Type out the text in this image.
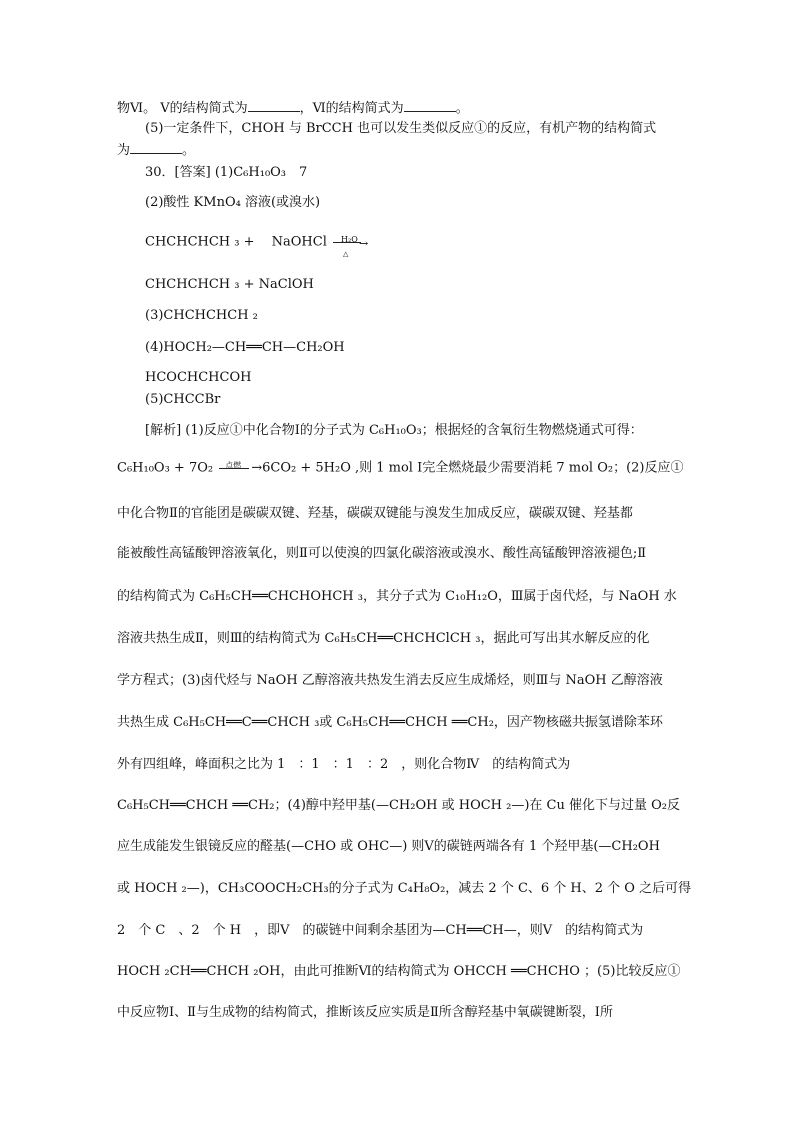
物Ⅵ。 Ⅴ的结构简式为	，Ⅵ的结构简式为	。
(5)一定条件下，CHOH 与 BrCCH 也可以发生类似反应①的反应，有机产物的结构简式
为	。
30．[答案] (1)C₆H₁₀O₃　7
(2)酸性 KMnO₄ 溶液(或溴水)
CHCHCHCH ₃ +　 NaOHCl H₂O →
△
CHCHCHCH ₃ + NaClOH
(3)CHCHCHCH ₂
(4)HOCH₂—CH══CH—CH₂OH
HCOCHCHCOH
(5)CHCCBr
[解析] (1)反应①中化合物Ⅰ的分子式为 C₆H₁₀O₃；根据烃的含氧衍生物燃烧通式可得：
C₆H₁₀O₃ + 7O₂ 点燃 →6CO₂ + 5H₂O ,则 1 mol Ⅰ完全燃烧最少需要消耗 7 mol O₂；(2)反应①
中化合物Ⅱ的官能团是碳碳双键、羟基，碳碳双键能与溴发生加成反应，碳碳双键、羟基都
能被酸性高锰酸钾溶液氧化，则Ⅱ可以使溴的四氯化碳溶液或溴水、酸性高锰酸钾溶液褪色;Ⅱ
的结构简式为 C₆H₅CH══CHCHOHCH ₃，其分子式为 C₁₀H₁₂O，Ⅲ属于卤代烃，与 NaOH 水
溶液共热生成Ⅱ，则Ⅲ的结构简式为 C₆H₅CH══CHCHClCH ₃，据此可写出其水解反应的化
学方程式；(3)卤代烃与 NaOH 乙醇溶液共热发生消去反应生成烯烃，则Ⅲ与 NaOH 乙醇溶液
共热生成 C₆H₅CH══C══CHCH ₃或 C₆H₅CH══CHCH ══CH₂，因产物核磁共振氢谱除苯环
外有四组峰，峰面积之比为 1　：1　：1　：2　，则化合物Ⅳ　的结构简式为
C₆H₅CH══CHCH ══CH₂；(4)醇中羟甲基(—CH₂OH 或 HOCH ₂—)在 Cu 催化下与过量 O₂反
应生成能发生银镜反应的醛基(—CHO 或 OHC—) 则Ⅴ的碳链两端各有 1 个羟甲基(—CH₂OH
或 HOCH ₂—)，CH₃COOCH₂CH₃的分子式为 C₄H₈O₂，减去 2 个 C、6 个 H、2 个 O 之后可得
2　个 C　、2　个 H　，即Ⅴ　的碳链中间剩余基团为—CH══CH—，则Ⅴ　的结构简式为
HOCH ₂CH══CHCH ₂OH，由此可推断Ⅵ的结构简式为 OHCCH ══CHCHO ；(5)比较反应①
中反应物Ⅰ、Ⅱ与生成物的结构简式，推断该反应实质是Ⅱ所含醇羟基中氧碳键断裂，Ⅰ所
